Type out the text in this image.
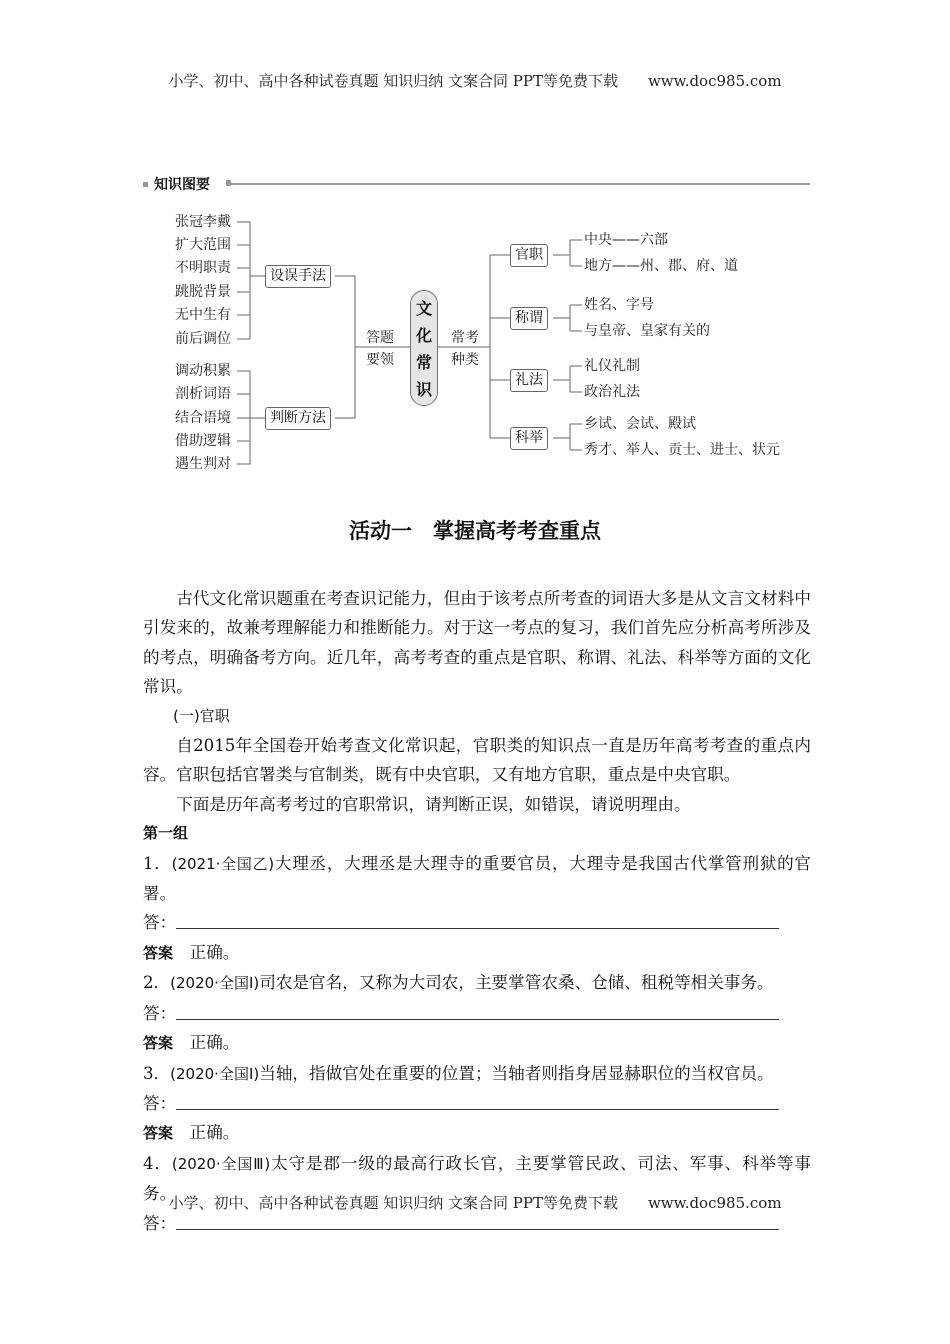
小学、初中、高中各种试卷真题 知识归纳 文案合同 PPT等免费下载 www.doc985.com
知识图要
设误手法
张冠李戴
扩大范围
不明职责
跳脱背景
无中生有
前后调位
判断方法
调动积累
剖析词语
结合语境
借助逻辑
遇生判对
官职
中央——六部
地方——州、郡、府、道
称谓
姓名、字号
与皇帝、皇家有关的
礼法
礼仪礼制
政治礼法
科举
乡试、会试、殿试
秀才、举人、贡士、进士、状元
文
化
常
识
答题
要领
常考
种类
活动一　掌握高考考查重点

古代文化常识题重在考查识记能力，但由于该考点所考查的词语大多是从文言文材料中引发来的，故兼考理解能力和推断能力。对于这一考点的复习，我们首先应分析高考所涉及的考点，明确备考方向。近几年，高考考查的重点是官职、称谓、礼法、科举等方面的文化常识。

(一)官职

自2015年全国卷开始考查文化常识起，官职类的知识点一直是历年高考考查的重点内容。官职包括官署类与官制类，既有中央官职，又有地方官职，重点是中央官职。

下面是历年高考考过的官职常识，请判断正误，如错误，请说明理由。

第一组

1．(2021·全国乙)大理丞，大理丞是大理寺的重要官员，大理寺是我国古代掌管刑狱的官署。

答：

答案　 正确。

2．(2020·全国Ⅰ)司农是官名，又称为大司农，主要掌管农桑、仓储、租税等相关事务。

答：

答案　 正确。

3．(2020·全国Ⅰ)当轴，指做官处在重要的位置；当轴者则指身居显赫职位的当权官员。

答：

答案　 正确。

4．(2020·全国Ⅲ)太守是郡一级的最高行政长官，主要掌管民政、司法、军事、科举等事务。

答：

小学、初中、高中各种试卷真题 知识归纳 文案合同 PPT等免费下载 www.doc985.com
